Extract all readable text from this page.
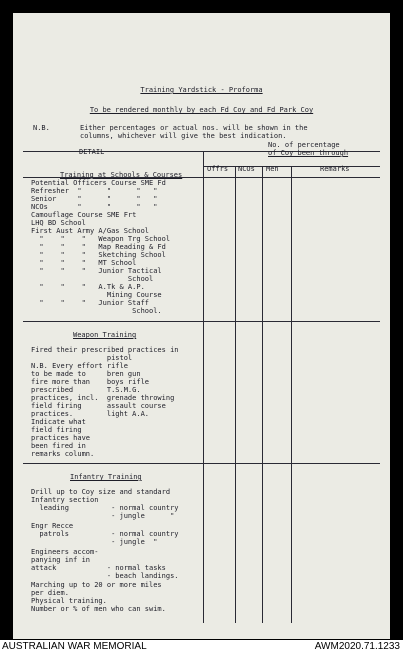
Training Yardstick - Proforma
To be rendered monthly by each Fd Coy and Fd Park Coy
N.B.	Either percentages or actual nos. will be shown in the
columns, whichever will give the best indication.
DETAIL
No. of percentage
of Coy been through
Offrs NCOs Men	Remarks
Training at Schools & Courses
Potential Officers Course SME Fd
Refresher  "      "      "   "
Senior     "      "      "   "
NCOs       "      "      "   "
Camouflage Course SME Frt
LHQ BD School
First Aust Army A/Gas School
"    "    "   Weapon Trg School
"    "    "   Map Reading & Fd
"    "    "   Sketching School
"    "    "   MT School
"    "    "   Junior Tactical
School
"    "    "   A.Tk & A.P.
Mining Course
"    "    "   Junior Staff
School.
Weapon Training
Fired their prescribed practices in
pistol
N.B. Every effort rifle
to be made to     bren gun
fire more than    boys rifle
prescribed        T.S.M.G.
practices, incl.  grenade throwing
field firing      assault course
practices.        light A.A.
Indicate what
field firing
practices have
been fired in
remarks column.
Infantry Training
Drill up to Coy size and standard
Infantry section
leading          - normal country
- jungle      "
Engr Recce
patrols          - normal country
- jungle  "
Engineers accom-
panying inf in
attack            - normal tasks
- beach landings.
Marching up to 20 or more miles
per diem.
Physical training.
Number or % of men who can swim.
AUSTRALIAN WAR MEMORIAL	AWM2020.71.1233
